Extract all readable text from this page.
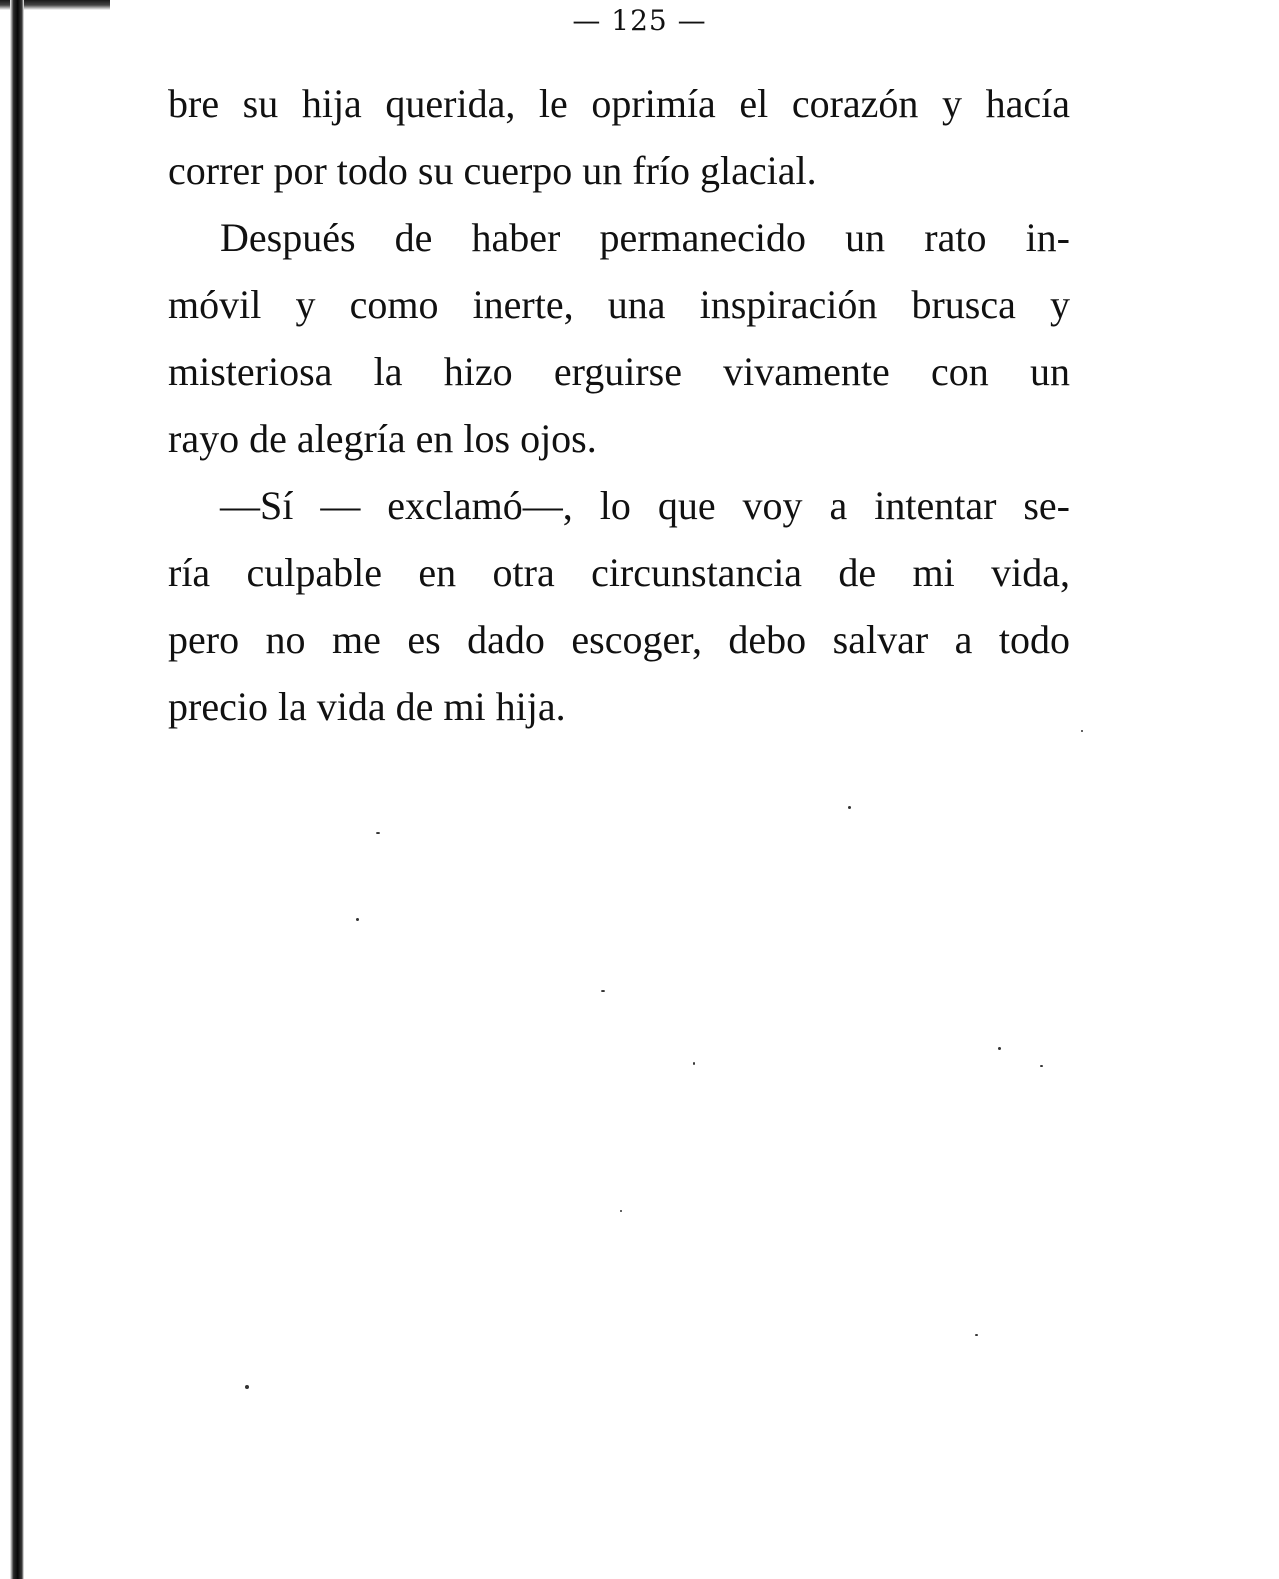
— 125 —
bre su hija querida, le oprimía el corazón y hacía
correr por todo su cuerpo un frío glacial.
Después de haber permanecido un rato in-
móvil y como inerte, una inspiración brusca y
misteriosa la hizo erguirse vivamente con un
rayo de alegría en los ojos.
—Sí — exclamó—, lo que voy a intentar se-
ría culpable en otra circunstancia de mi vida,
pero no me es dado escoger, debo salvar a todo
precio la vida de mi hija.
